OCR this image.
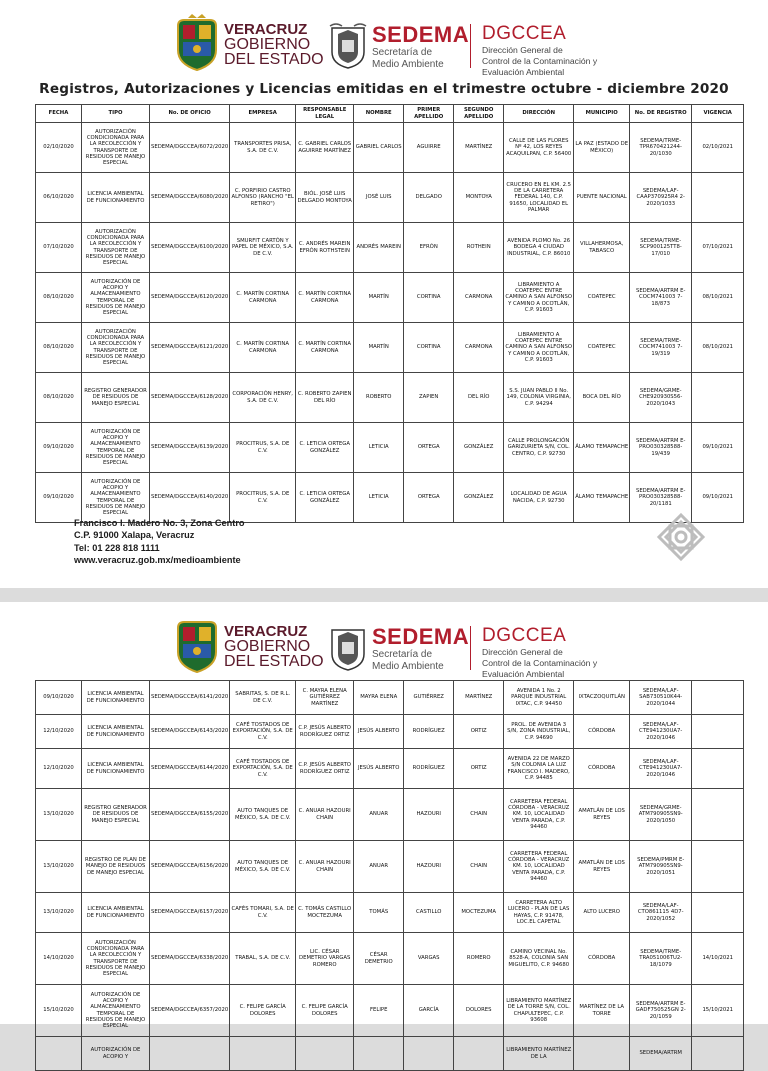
VERACRUZ
GOBIERNO
DEL ESTADO
SEDEMA
Secretaría de
Medio Ambiente
DGCCEA
Dirección General de
Control de la Contaminación y
Evaluación Ambiental
Registros, Autorizaciones y Licencias emitidas en el trimestre octubre - diciembre 2020
FECHA	TIPO	No. DE OFICIO	EMPRESA	RESPONSABLE LEGAL	NOMBRE	PRIMER APELLIDO	SEGUNDO APELLIDO	DIRECCIÓN	MUNICIPIO	No. DE REGISTRO	VIGENCIA
02/10/2020	AUTORIZACIÓN CONDICIONADA PARA LA RECOLECCIÓN Y TRANSPORTE DE RESIDUOS DE MANEJO ESPECIAL	SEDEMA/DGCCEA/6072/2020	TRANSPORTES PRISA, S.A. DE C.V.	C. GABRIEL CARLOS AGUIRRE MARTÍNEZ	GABRIEL CARLOS	AGUIRRE	MARTÍNEZ	CALLE DE LAS FLORES Nº 42, LOS REYES ACAQUILPAN, C.P. 56400	LA PAZ (ESTADO DE MÉXICO)	SEDEMA/TRME-TPR670421244-20/1030	02/10/2021
06/10/2020	LICENCIA AMBIENTAL DE FUNCIONAMIENTO	SEDEMA/DGCCEA/6080/2020	C. PORFIRIO CASTRO ALFONSO (RANCHO "EL RETIRO")	BIÓL. JOSÉ LUIS DELGADO MONTOYA	JOSÉ LUIS	DELGADO	MONTOYA	CRUCERO EN EL KM. 2.5 DE LA CARRETERA FEDERAL 140, C.P. 91650, LOCALIDAD EL PALMAR	PUENTE NACIONAL	SEDEMA/LAF-CAAP370925R4 2-2020/1033	
07/10/2020	AUTORIZACIÓN CONDICIONADA PARA LA RECOLECCIÓN Y TRANSPORTE DE RESIDUOS DE MANEJO ESPECIAL	SEDEMA/DGCCEA/6100/2020	SMURFIT CARTÓN Y PAPEL DE MÉXICO, S.A. DE C.V.	C. ANDRÉS MAREIN EFRÓN ROTHSTEIN	ANDRÉS MAREIN	EFRÓN	ROTHEIN	AVENIDA PLOMO No. 26 BODEGA 4 CIUDAD INDUSTRIAL, C.P. 86010	VILLAHERMOSA, TABASCO	SEDEMA/TRME-SCP900125TT8-17/010	07/10/2021
08/10/2020	AUTORIZACIÓN DE ACOPIO Y ALMACENAMIENTO TEMPORAL DE RESIDUOS DE MANEJO ESPECIAL	SEDEMA/DGCCEA/6120/2020	C. MARTÍN CORTINA CARMONA	C. MARTÍN CORTINA CARMONA	MARTÍN	CORTINA	CARMONA	LIBRAMIENTO A COATEPEC ENTRE CAMINO A SAN ALFONSO Y CAMINO A OCOTLÁN, C.P. 91603	COATEPEC	SEDEMA/ARTRM E-COCM741003 7-18/873	08/10/2021
08/10/2020	AUTORIZACIÓN CONDICIONADA PARA LA RECOLECCIÓN Y TRANSPORTE DE RESIDUOS DE MANEJO ESPECIAL	SEDEMA/DGCCEA/6121/2020	C. MARTÍN CORTINA CARMONA	C. MARTÍN CORTINA CARMONA	MARTÍN	CORTINA	CARMONA	LIBRAMIENTO A COATEPEC ENTRE CAMINO A SAN ALFONSO Y CAMINO A OCOTLÁN, C.P. 91603	COATEPEC	SEDEMA/TRME-COCM741003 7-19/319	08/10/2021
08/10/2020	REGISTRO GENERADOR DE RESIDUOS DE MANEJO ESPECIAL	SEDEMA/DGCCEA/6128/2020	CORPORACIÓN HENRY, S.A. DE C.V.	C. ROBERTO ZAPIEN DEL RÍO	ROBERTO	ZAPIEN	DEL RÍO	S.S. JUAN PABLO II No. 149, COLONIA VIRGINIA, C.P. 94294	BOCA DEL RÍO	SEDEMA/GRME-CHE920930S56-2020/1043	
09/10/2020	AUTORIZACIÓN DE ACOPIO Y ALMACENAMIENTO TEMPORAL DE RESIDUOS DE MANEJO ESPECIAL	SEDEMA/DGCCEA/6139/2020	PROCITRUS, S.A. DE C.V.	C. LETICIA ORTEGA GONZÁLEZ	LETICIA	ORTEGA	GONZÁLEZ	CALLE PROLONGACIÓN GARIZURIETA S/N, COL. CENTRO, C.P. 92730	ÁLAMO TEMAPACHE	SEDEMA/ARTRM E-PRO030328588-19/439	09/10/2021
09/10/2020	AUTORIZACIÓN DE ACOPIO Y ALMACENAMIENTO TEMPORAL DE RESIDUOS DE MANEJO ESPECIAL	SEDEMA/DGCCEA/6140/2020	PROCITRUS, S.A. DE C.V.	C. LETICIA ORTEGA GONZÁLEZ	LETICIA	ORTEGA	GONZÁLEZ	LOCALIDAD DE AGUA NACIDA, C.P. 92730	ÁLAMO TEMAPACHE	SEDEMA/ARTRM E-PRO030328588-20/1181	09/10/2021
Francisco I. Madero No. 3, Zona Centro
C.P. 91000 Xalapa, Veracruz
Tel: 01 228 818 1111
www.veracruz.gob.mx/medioambiente
VERACRUZ
GOBIERNO
DEL ESTADO
SEDEMA
Secretaría de
Medio Ambiente
DGCCEA
Dirección General de
Control de la Contaminación y
Evaluación Ambiental
09/10/2020	LICENCIA AMBIENTAL DE FUNCIONAMIENTO	SEDEMA/DGCCEA/6141/2020	SABRITAS, S. DE R.L. DE C.V.	C. MAYRA ELENA GUTIÉRREZ MARTÍNEZ	MAYRA ELENA	GUTIÉRREZ	MARTÍNEZ	AVENIDA 1 No. 2 PARQUE INDUSTRIAL IXTAC, C.P. 94450	IXTACZOQUITLÁN	SEDEMA/LAF-SAB730510K44-2020/1044	
12/10/2020	LICENCIA AMBIENTAL DE FUNCIONAMIENTO	SEDEMA/DGCCEA/6143/2020	CAFÉ TOSTADOS DE EXPORTACIÓN, S.A. DE C.V.	C.P. JESÚS ALBERTO RODRÍGUEZ ORTIZ	JESÚS ALBERTO	RODRÍGUEZ	ORTIZ	PROL. DE AVENIDA 3 S/N, ZONA INDUSTRIAL, C.P. 94690	CÓRDOBA	SEDEMA/LAF-CTE941230UA7-2020/1046	
12/10/2020	LICENCIA AMBIENTAL DE FUNCIONAMIENTO	SEDEMA/DGCCEA/6144/2020	CAFÉ TOSTADOS DE EXPORTACIÓN, S.A. DE C.V.	C.P. JESÚS ALBERTO RODRÍGUEZ ORTIZ	JESÚS ALBERTO	RODRÍGUEZ	ORTIZ	AVENIDA 22 DE MARZO S/N COLONIA LA LUZ FRANCISCO I. MADERO, C.P. 94485	CÓRDOBA	SEDEMA/LAF-CTE941230UA7-2020/1046	
13/10/2020	REGISTRO GENERADOR DE RESIDUOS DE MANEJO ESPECIAL	SEDEMA/DGCCEA/6155/2020	AUTO TANQUES DE MÉXICO, S.A. DE C.V.	C. ANUAR HAZOURI CHAIN	ANUAR	HAZOURI	CHAIN	CARRETERA FEDERAL CÓRDOBA - VERACRUZ KM. 10, LOCALIDAD VENTA PARADA, C.P. 94460	AMATLÁN DE LOS REYES	SEDEMA/GRME-ATM790905SN9-2020/1050	
13/10/2020	REGISTRO DE PLAN DE MANEJO DE RESIDUOS DE MANEJO ESPECIAL	SEDEMA/DGCCEA/6156/2020	AUTO TANQUES DE MÉXICO, S.A. DE C.V.	C. ANUAR HAZOURI CHAIN	ANUAR	HAZOURI	CHAIN	CARRETERA FEDERAL CÓRDOBA - VERACRUZ KM. 10, LOCALIDAD VENTA PARADA, C.P. 94460	AMATLÁN DE LOS REYES	SEDEMA/PMRM E-ATM790905SN9-2020/1051	
13/10/2020	LICENCIA AMBIENTAL DE FUNCIONAMIENTO	SEDEMA/DGCCEA/6157/2020	CAFÉS TOMARI, S.A. DE C.V.	C. TOMÁS CASTILLO MOCTEZUMA	TOMÁS	CASTILLO	MOCTEZUMA	CARRETERA ALTO LUCERO - PLAN DE LAS HAYAS, C.P. 91478, LOC.EL CAPETAL	ALTO LUCERO	SEDEMA/LAF-CTO861115 4D7-2020/1052	
14/10/2020	AUTORIZACIÓN CONDICIONADA PARA LA RECOLECCIÓN Y TRANSPORTE DE RESIDUOS DE MANEJO ESPECIAL	SEDEMA/DGCCEA/6338/2020	TRABAL, S.A. DE C.V.	LIC. CÉSAR DEMETRIO VARGAS ROMERO	CÉSAR DEMETRIO	VARGAS	ROMERO	CAMINO VECINAL No. 8528-A, COLONIA SAN MIGUELITO, C.P. 94680	CÓRDOBA	SEDEMA/TRME-TRA051006TU2-18/1079	14/10/2021
15/10/2020	AUTORIZACIÓN DE ACOPIO Y ALMACENAMIENTO TEMPORAL DE RESIDUOS DE MANEJO ESPECIAL	SEDEMA/DGCCEA/6357/2020	C. FELIPE GARCÍA DOLORES	C. FELIPE GARCÍA DOLORES	FELIPE	GARCÍA	DOLORES	LIBRAMIENTO MARTÍNEZ DE LA TORRE S/N, COL. CHAPULTEPEC, C.P. 93608	MARTÍNEZ DE LA TORRE	SEDEMA/ARTRM E-GADF750525GN 2-20/1059	15/10/2021
	AUTORIZACIÓN DE ACOPIO Y							LIBRAMIENTO MARTÍNEZ DE LA		SEDEMA/ARTRM	
